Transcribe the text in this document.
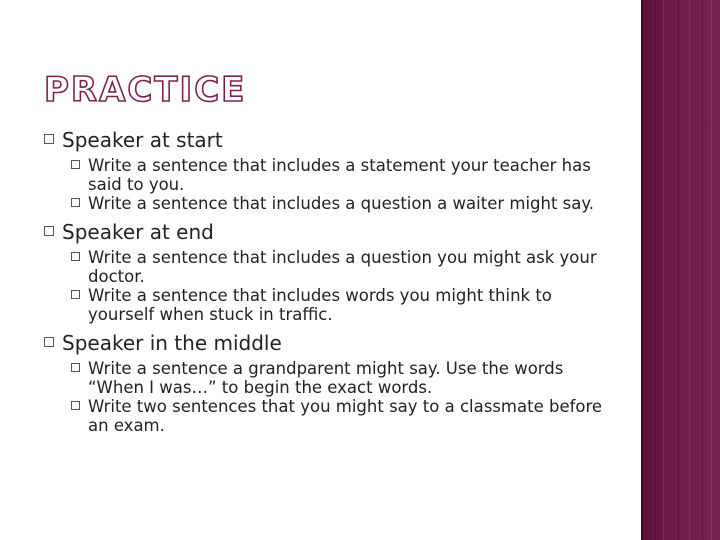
PRACTICE
Speaker at start
Write a sentence that includes a statement your teacher has said to you.
Write a sentence that includes a question a waiter might say.
Speaker at end
Write a sentence that includes a question you might ask your doctor.
Write a sentence that includes words you might think to yourself when stuck in traffic.
Speaker in the middle
Write a sentence a grandparent might say. Use the words “When I was…” to begin the exact words.
Write two sentences that you might say to a classmate before an exam.
